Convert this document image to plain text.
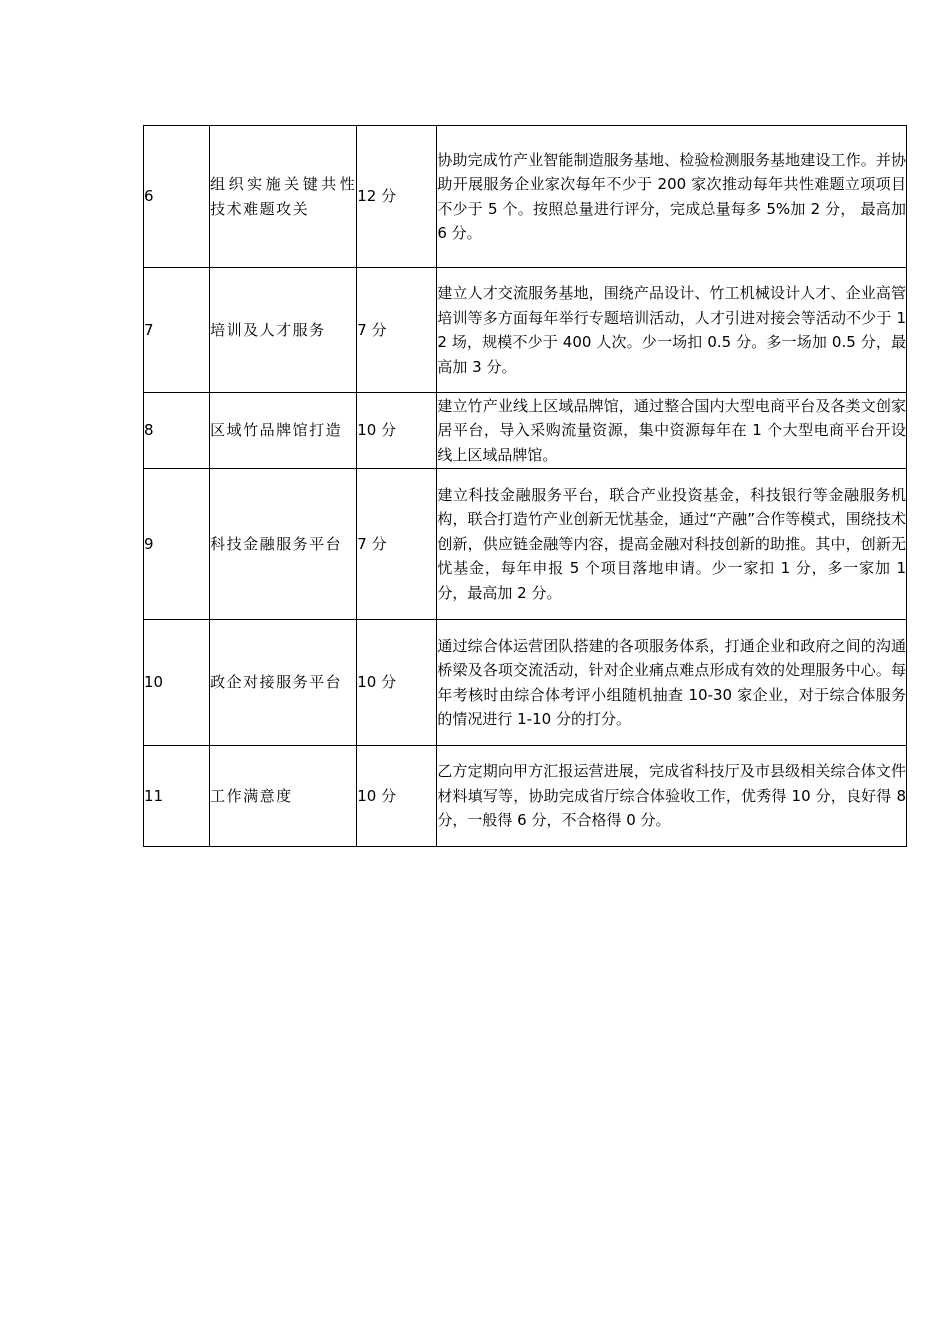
6	组织实施关键共性技术难题攻关	12 分	协助完成竹产业智能制造服务基地、检验检测服务基地建设工作。并协助开展服务企业家次每年不少于 200 家次推动每年共性难题立项项目不少于 5 个。按照总量进行评分，完成总量每多 5%加 2 分， 最高加 6 分。

7	培训及人才服务	7 分	建立人才交流服务基地，围绕产品设计、竹工机械设计人才、企业高管培训等多方面每年举行专题培训活动，人才引进对接会等活动不少于 12 场，规模不少于 400 人次。少一场扣 0.5 分。多一场加 0.5 分，最高加 3 分。

8	区域竹品牌馆打造	10 分	建立竹产业线上区域品牌馆，通过整合国内大型电商平台及各类文创家居平台，导入采购流量资源，集中资源每年在 1 个大型电商平台开设线上区域品牌馆。

9	科技金融服务平台	7 分	建立科技金融服务平台，联合产业投资基金，科技银行等金融服务机构，联合打造竹产业创新无忧基金，通过“产融”合作等模式，围绕技术创新，供应链金融等内容，提高金融对科技创新的助推。其中，创新无忧基金，每年申报 5 个项目落地申请。少一家扣 1 分，多一家加 1 分，最高加 2 分。

10	政企对接服务平台	10 分	通过综合体运营团队搭建的各项服务体系，打通企业和政府之间的沟通桥梁及各项交流活动，针对企业痛点难点形成有效的处理服务中心。每年考核时由综合体考评小组随机抽查 10-30 家企业，对于综合体服务的情况进行 1-10 分的打分。

11	工作满意度	10 分	乙方定期向甲方汇报运营进展，完成省科技厅及市县级相关综合体文件材料填写等，协助完成省厅综合体验收工作，优秀得 10 分，良好得 8 分，一般得 6 分，不合格得 0 分。
